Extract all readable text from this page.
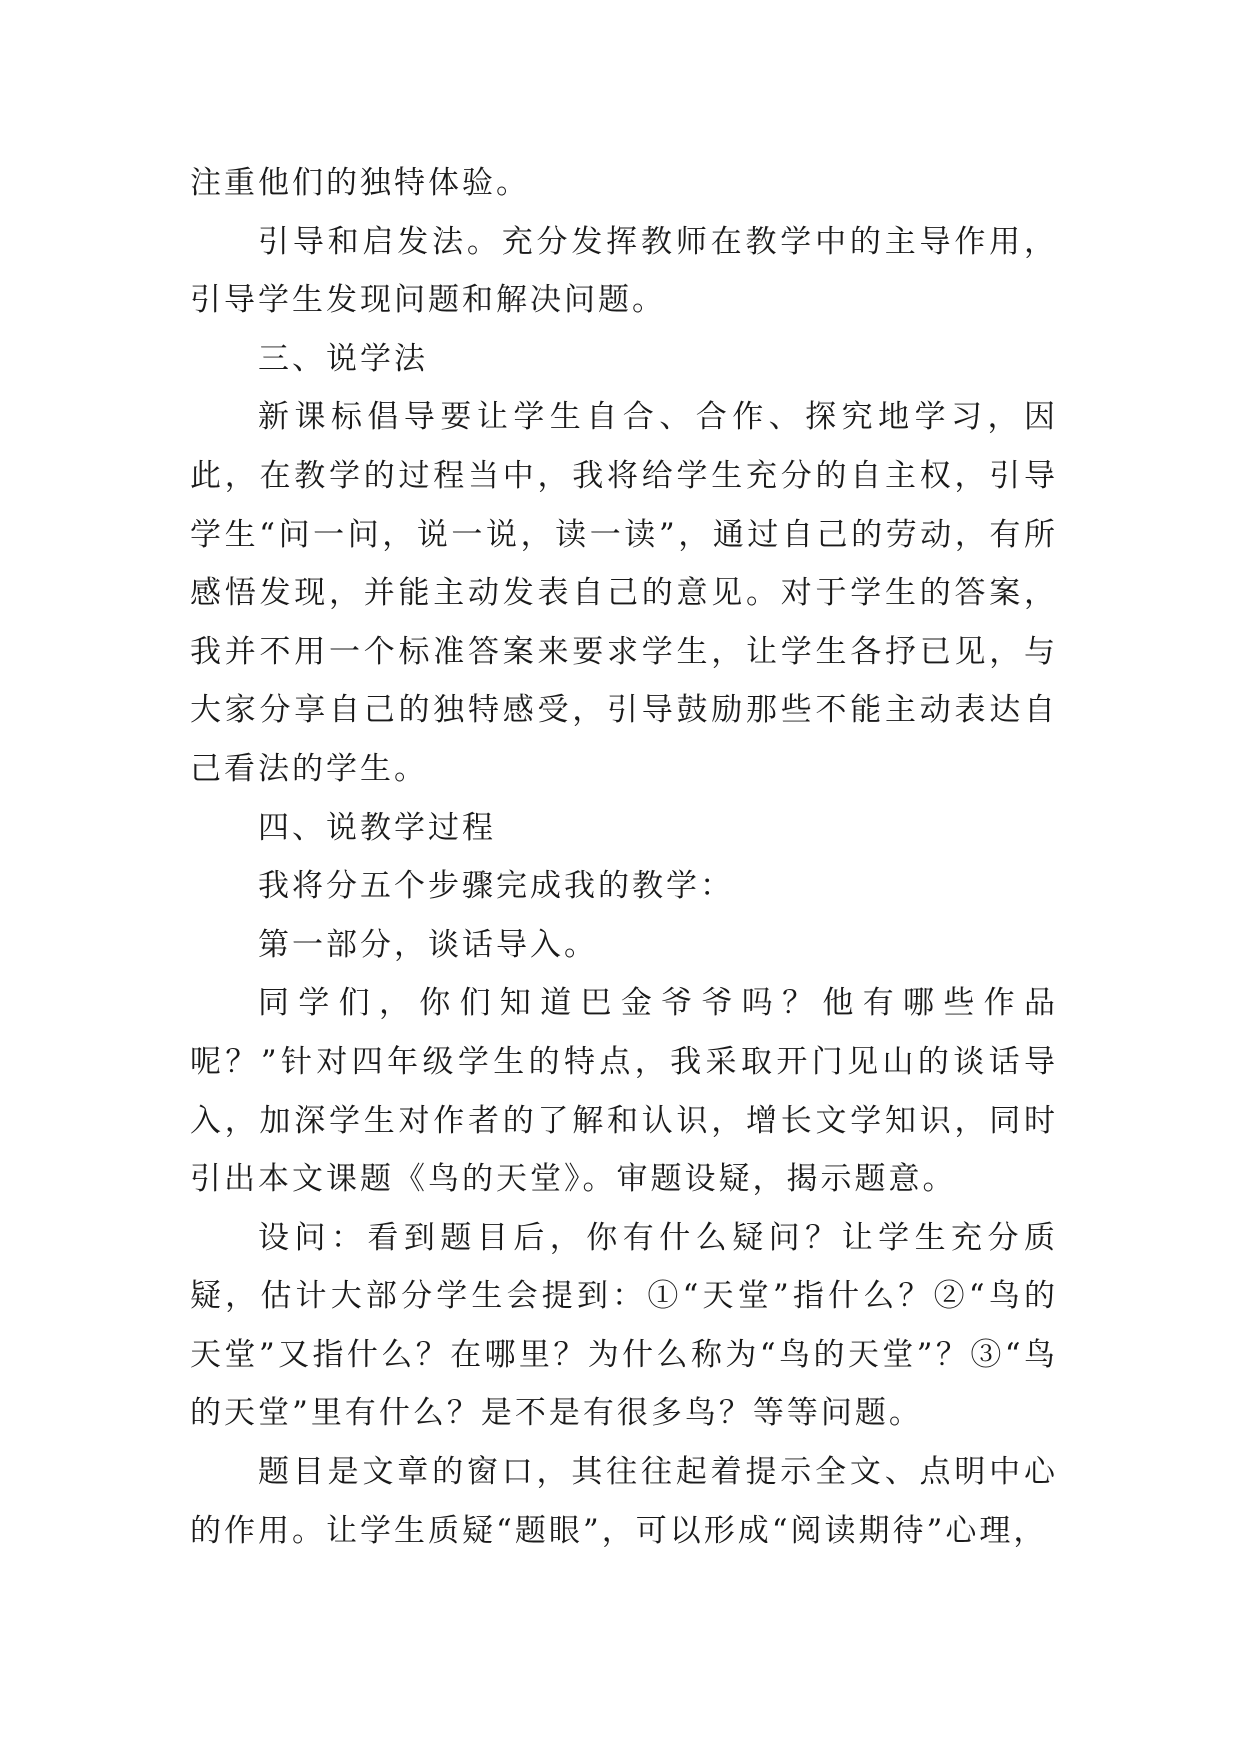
注重他们的独特体验。

引导和启发法。充分发挥教师在教学中的主导作用，引导学生发现问题和解决问题。

三、说学法

新课标倡导要让学生自合、合作、探究地学习，因此，在教学的过程当中，我将给学生充分的自主权，引导学生“问一问，说一说，读一读”，通过自己的劳动，有所感悟发现，并能主动发表自己的意见。对于学生的答案，我并不用一个标准答案来要求学生，让学生各抒已见，与大家分享自己的独特感受，引导鼓励那些不能主动表达自己看法的学生。

四、说教学过程

我将分五个步骤完成我的教学：

第一部分，谈话导入。

同学们，你们知道巴金爷爷吗？他有哪些作品呢？”针对四年级学生的特点，我采取开门见山的谈话导入，加深学生对作者的了解和认识，增长文学知识，同时引出本文课题《鸟的天堂》。审题设疑，揭示题意。

设问：看到题目后，你有什么疑问？让学生充分质疑，估计大部分学生会提到：①“天堂”指什么？②“鸟的天堂”又指什么？在哪里？为什么称为“鸟的天堂”？③“鸟的天堂”里有什么？是不是有很多鸟？等等问题。

题目是文章的窗口，其往往起着提示全文、点明中心的作用。让学生质疑“题眼”，可以形成“阅读期待”心理，
